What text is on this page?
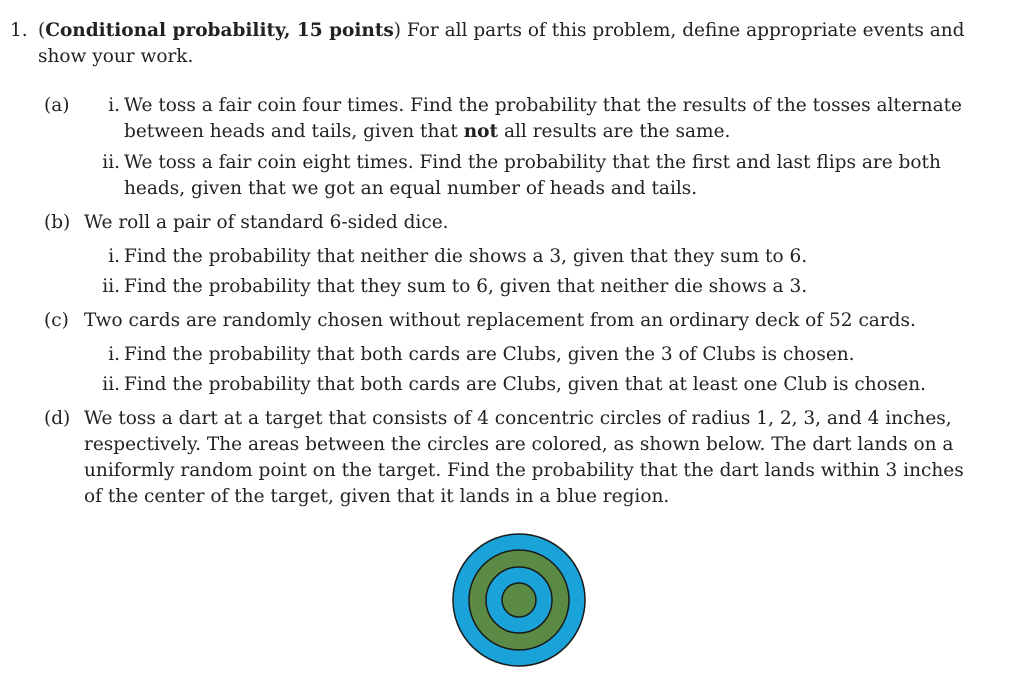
1. (Conditional probability, 15 points) For all parts of this problem, define appropriate events and show your work.
(a) i. We toss a fair coin four times. Find the probability that the results of the tosses alternate between heads and tails, given that not all results are the same.
ii. We toss a fair coin eight times. Find the probability that the first and last flips are both heads, given that we got an equal number of heads and tails.
(b) We roll a pair of standard 6-sided dice.
i. Find the probability that neither die shows a 3, given that they sum to 6.
ii. Find the probability that they sum to 6, given that neither die shows a 3.
(c) Two cards are randomly chosen without replacement from an ordinary deck of 52 cards.
i. Find the probability that both cards are Clubs, given the 3 of Clubs is chosen.
ii. Find the probability that both cards are Clubs, given that at least one Club is chosen.
(d) We toss a dart at a target that consists of 4 concentric circles of radius 1, 2, 3, and 4 inches, respectively. The areas between the circles are colored, as shown below. The dart lands on a uniformly random point on the target. Find the probability that the dart lands within 3 inches of the center of the target, given that it lands in a blue region.
